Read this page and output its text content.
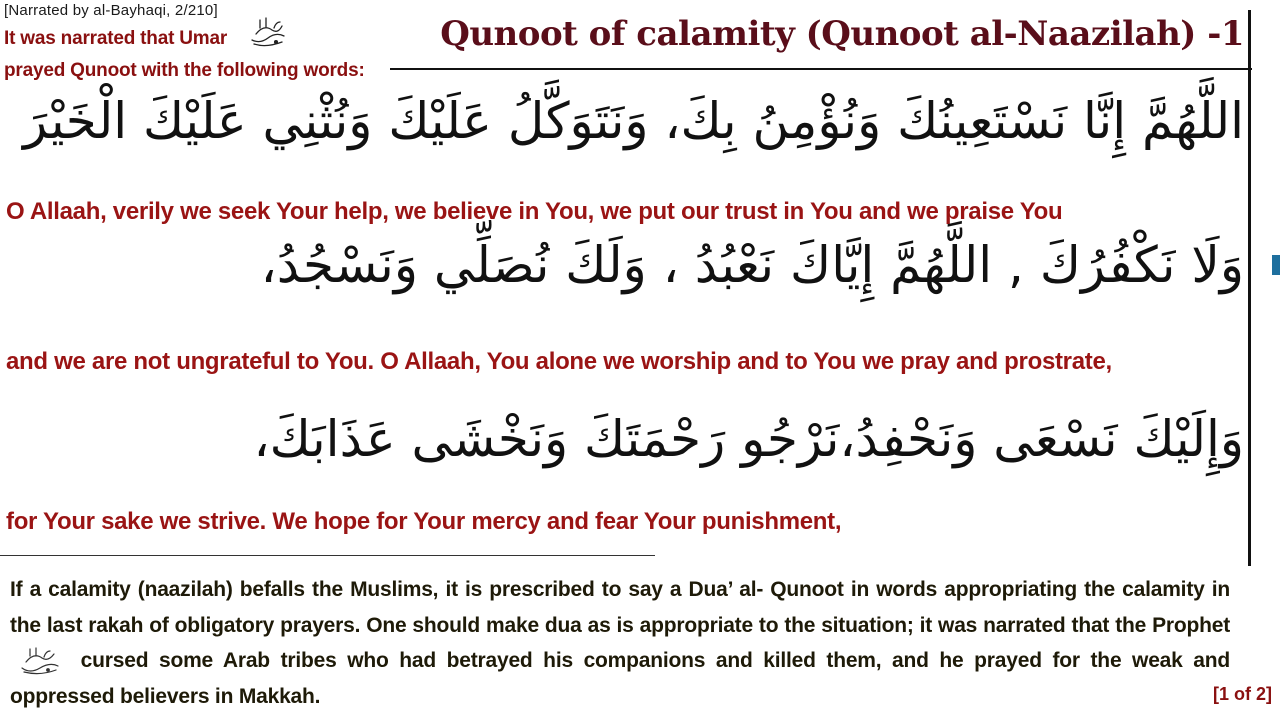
[Narrated by al-Bayhaqi, 2/210]
It was narrated that Umar
prayed Qunoot with the following words:
Qunoot of calamity (Qunoot al-Naazilah) -1
اللَّهُمَّ إِنَّا نَسْتَعِينُكَ وَنُؤْمِنُ بِكَ، وَنَتَوَكَّلُ عَلَيْكَ وَنُثْنِي عَلَيْكَ الْخَيْرَ
O Allaah, verily we seek Your help, we believe in You, we put our trust in You and we praise You
وَلَا نَكْفُرُكَ , اللَّهُمَّ إِيَّاكَ نَعْبُدُ ، وَلَكَ نُصَلِّي وَنَسْجُدُ،
and we are not ungrateful to You. O Allaah, You alone we worship and to You we pray and prostrate,
وَإِلَيْكَ نَسْعَى وَنَحْفِدُ،نَرْجُو رَحْمَتَكَ وَنَخْشَى عَذَابَكَ،
for Your sake we strive. We hope for Your mercy and fear Your punishment,
If a calamity (naazilah) befalls the Muslims, it is prescribed to say a Dua’ al- Qunoot in words appropriating the calamity in the last rakah of obligatory prayers. One should make dua as is appropriate to the situation; it was narrated that the Prophet  cursed some Arab tribes who had betrayed his companions and killed them, and he prayed for the weak and oppressed believers in Makkah.	[1 of 2]
